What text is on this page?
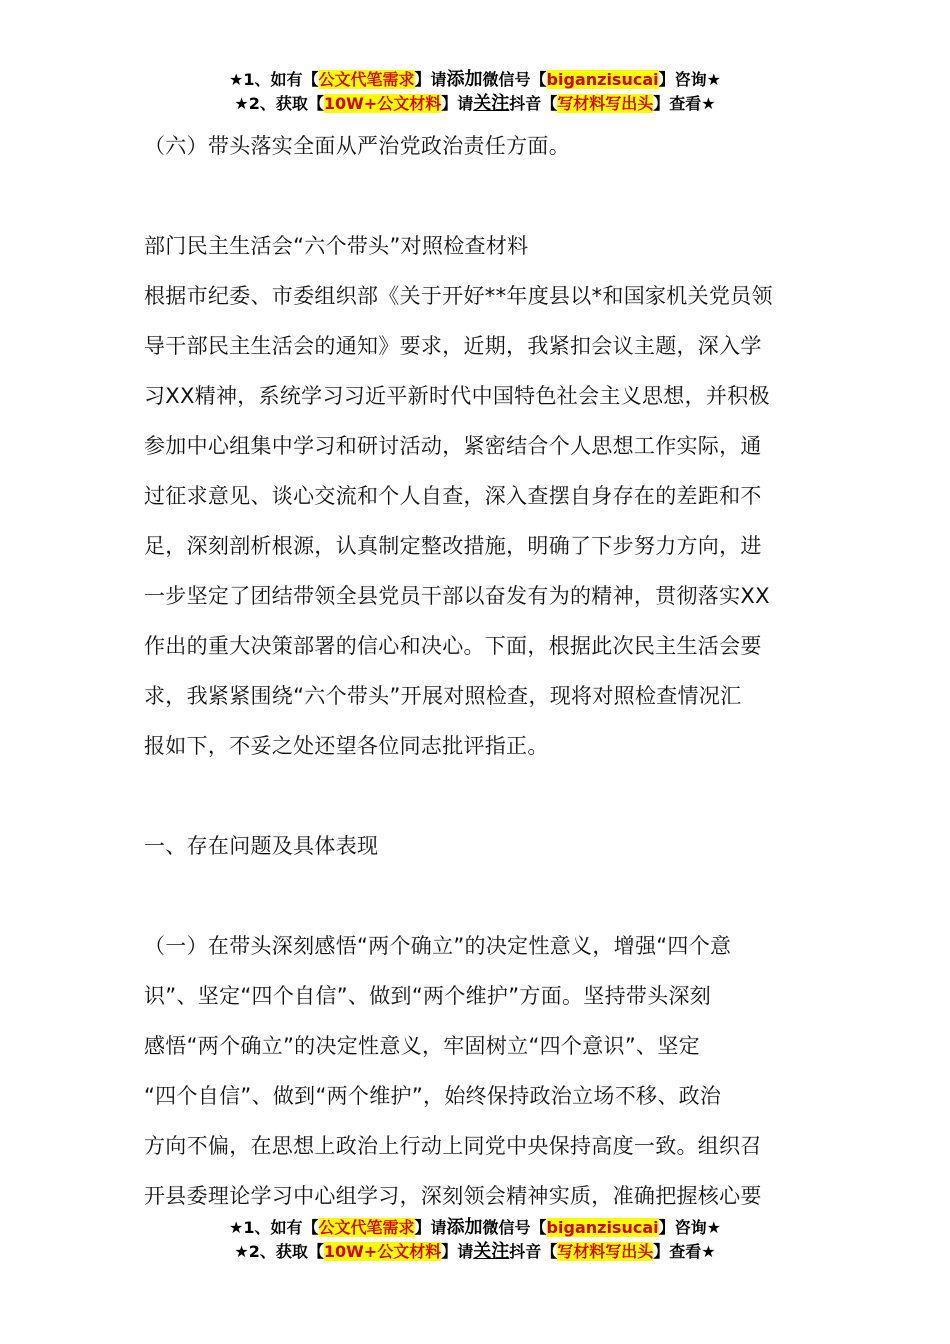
★1、如有【公文代笔需求】请添加微信号【biganzisucai】咨询★
★2、获取【10W+公文材料】请关注抖音【写材料写出头】查看★

（六）带头落实全面从严治党政治责任方面。

部门民主生活会“六个带头”对照检查材料

根据市纪委、市委组织部《关于开好**年度县以*和国家机关党员领

导干部民主生活会的通知》要求，近期，我紧扣会议主题，深入学

习XX精神，系统学习习近平新时代中国特色社会主义思想，并积极

参加中心组集中学习和研讨活动，紧密结合个人思想工作实际，通

过征求意见、谈心交流和个人自查，深入查摆自身存在的差距和不

足，深刻剖析根源，认真制定整改措施，明确了下步努力方向，进

一步坚定了团结带领全县党员干部以奋发有为的精神，贯彻落实XX

作出的重大决策部署的信心和决心。下面，根据此次民主生活会要

求，我紧紧围绕“六个带头”开展对照检查，现将对照检查情况汇

报如下，不妥之处还望各位同志批评指正。

一、存在问题及具体表现

（一）在带头深刻感悟“两个确立”的决定性意义，增强“四个意

识”、坚定“四个自信”、做到“两个维护”方面。坚持带头深刻

感悟“两个确立”的决定性意义，牢固树立“四个意识”、坚定

“四个自信”、做到“两个维护”，始终保持政治立场不移、政治

方向不偏，在思想上政治上行动上同党中央保持高度一致。组织召

开县委理论学习中心组学习，深刻领会精神实质，准确把握核心要

★1、如有【公文代笔需求】请添加微信号【biganzisucai】咨询★
★2、获取【10W+公文材料】请关注抖音【写材料写出头】查看★
